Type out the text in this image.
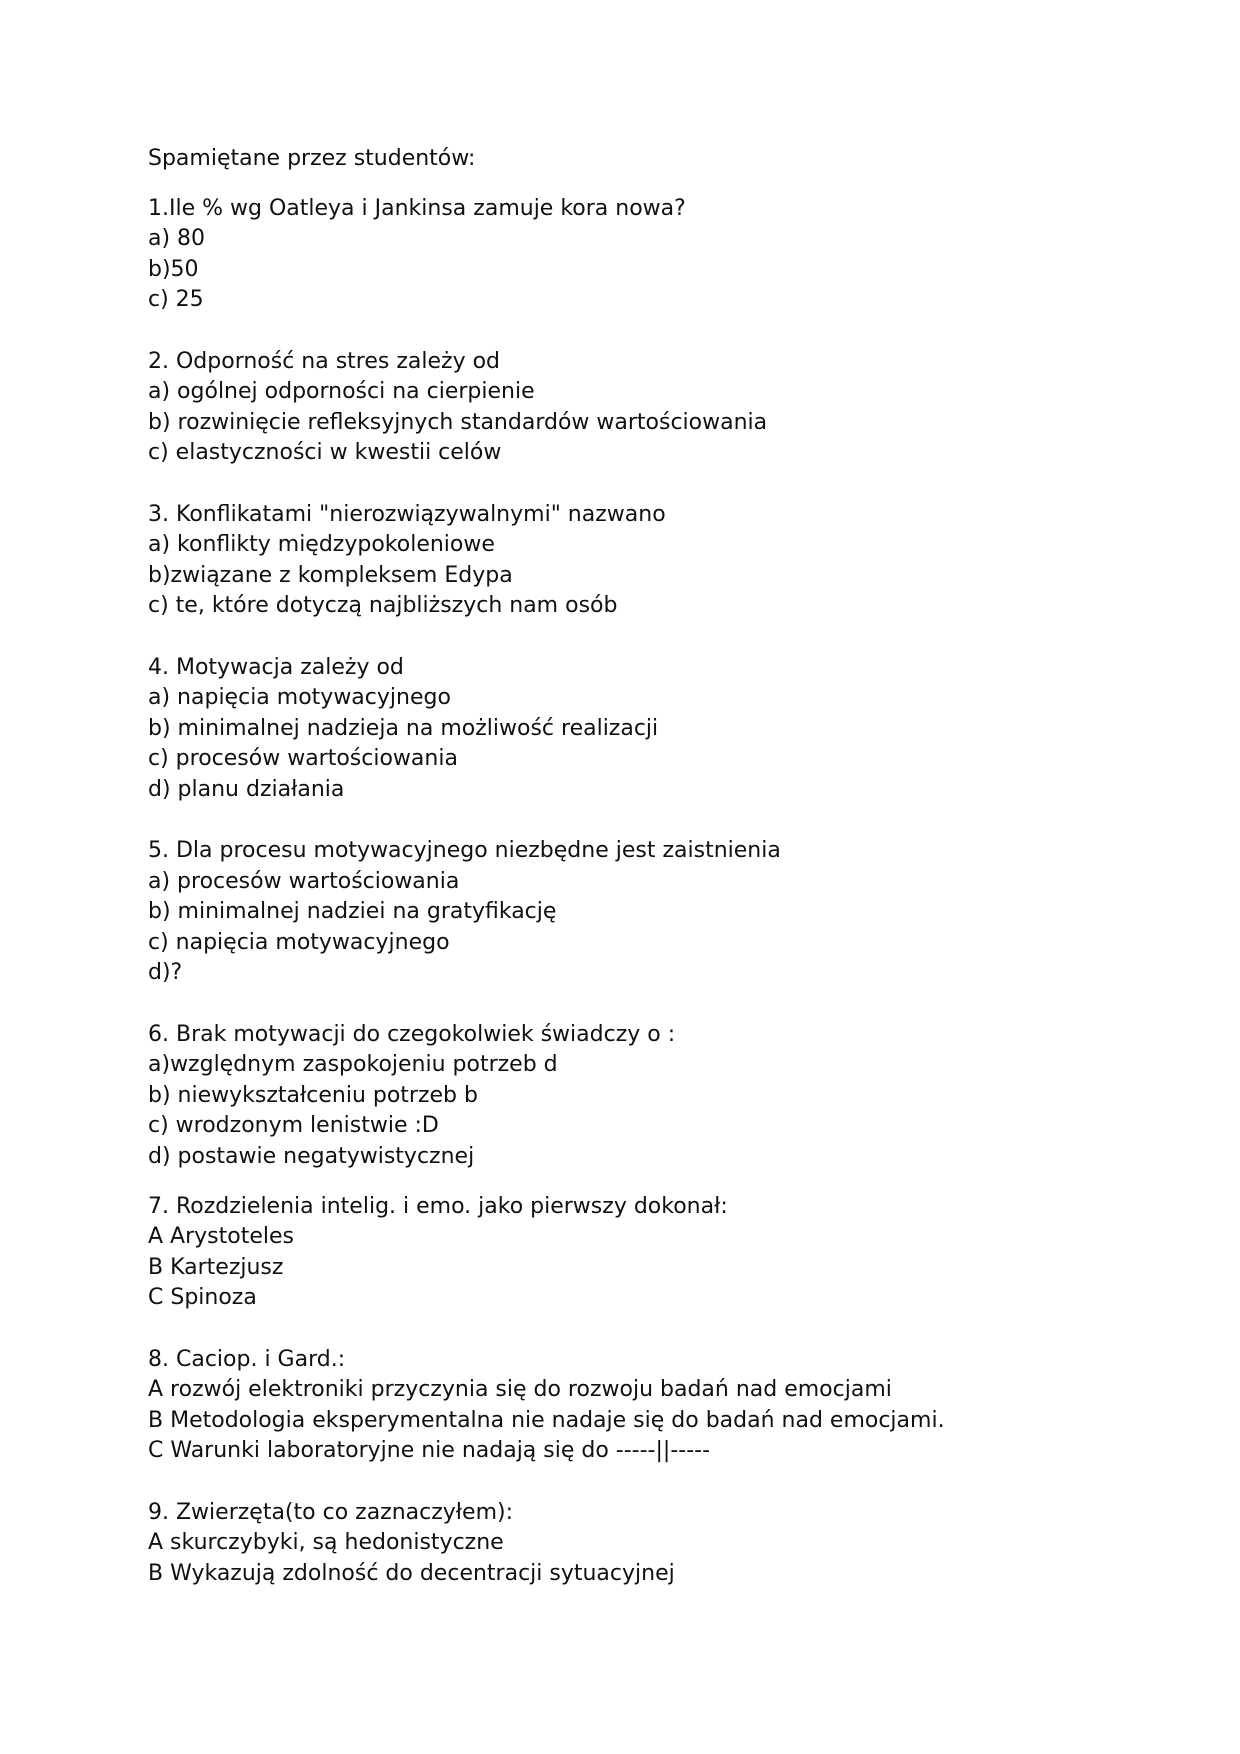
Spamiętane przez studentów:
1.Ile % wg Oatleya i Jankinsa zamuje kora nowa?
a) 80
b)50
c) 25
2. Odporność na stres zależy od
a) ogólnej odporności na cierpienie
b) rozwinięcie refleksyjnych standardów wartościowania
c) elastyczności w kwestii celów
3. Konflikatami "nierozwiązywalnymi" nazwano
a) konflikty międzypokoleniowe
b)związane z kompleksem Edypa
c) te, które dotyczą najbliższych nam osób
4. Motywacja zależy od
a) napięcia motywacyjnego
b) minimalnej nadzieja na możliwość realizacji
c) procesów wartościowania
d) planu działania
5. Dla procesu motywacyjnego niezbędne jest zaistnienia
a) procesów wartościowania
b) minimalnej nadziei na gratyfikację
c) napięcia motywacyjnego
d)?
6. Brak motywacji do czegokolwiek świadczy o :
a)względnym zaspokojeniu potrzeb d
b) niewykształceniu potrzeb b
c) wrodzonym lenistwie :D
d) postawie negatywistycznej
7. Rozdzielenia intelig. i emo. jako pierwszy dokonał:
A Arystoteles
B Kartezjusz
C Spinoza
8. Caciop. i Gard.:
A rozwój elektroniki przyczynia się do rozwoju badań nad emocjami
B Metodologia eksperymentalna nie nadaje się do badań nad emocjami.
C Warunki laboratoryjne nie nadają się do -----||-----
9. Zwierzęta(to co zaznaczyłem):
A skurczybyki, są hedonistyczne
B Wykazują zdolność do decentracji sytuacyjnej
